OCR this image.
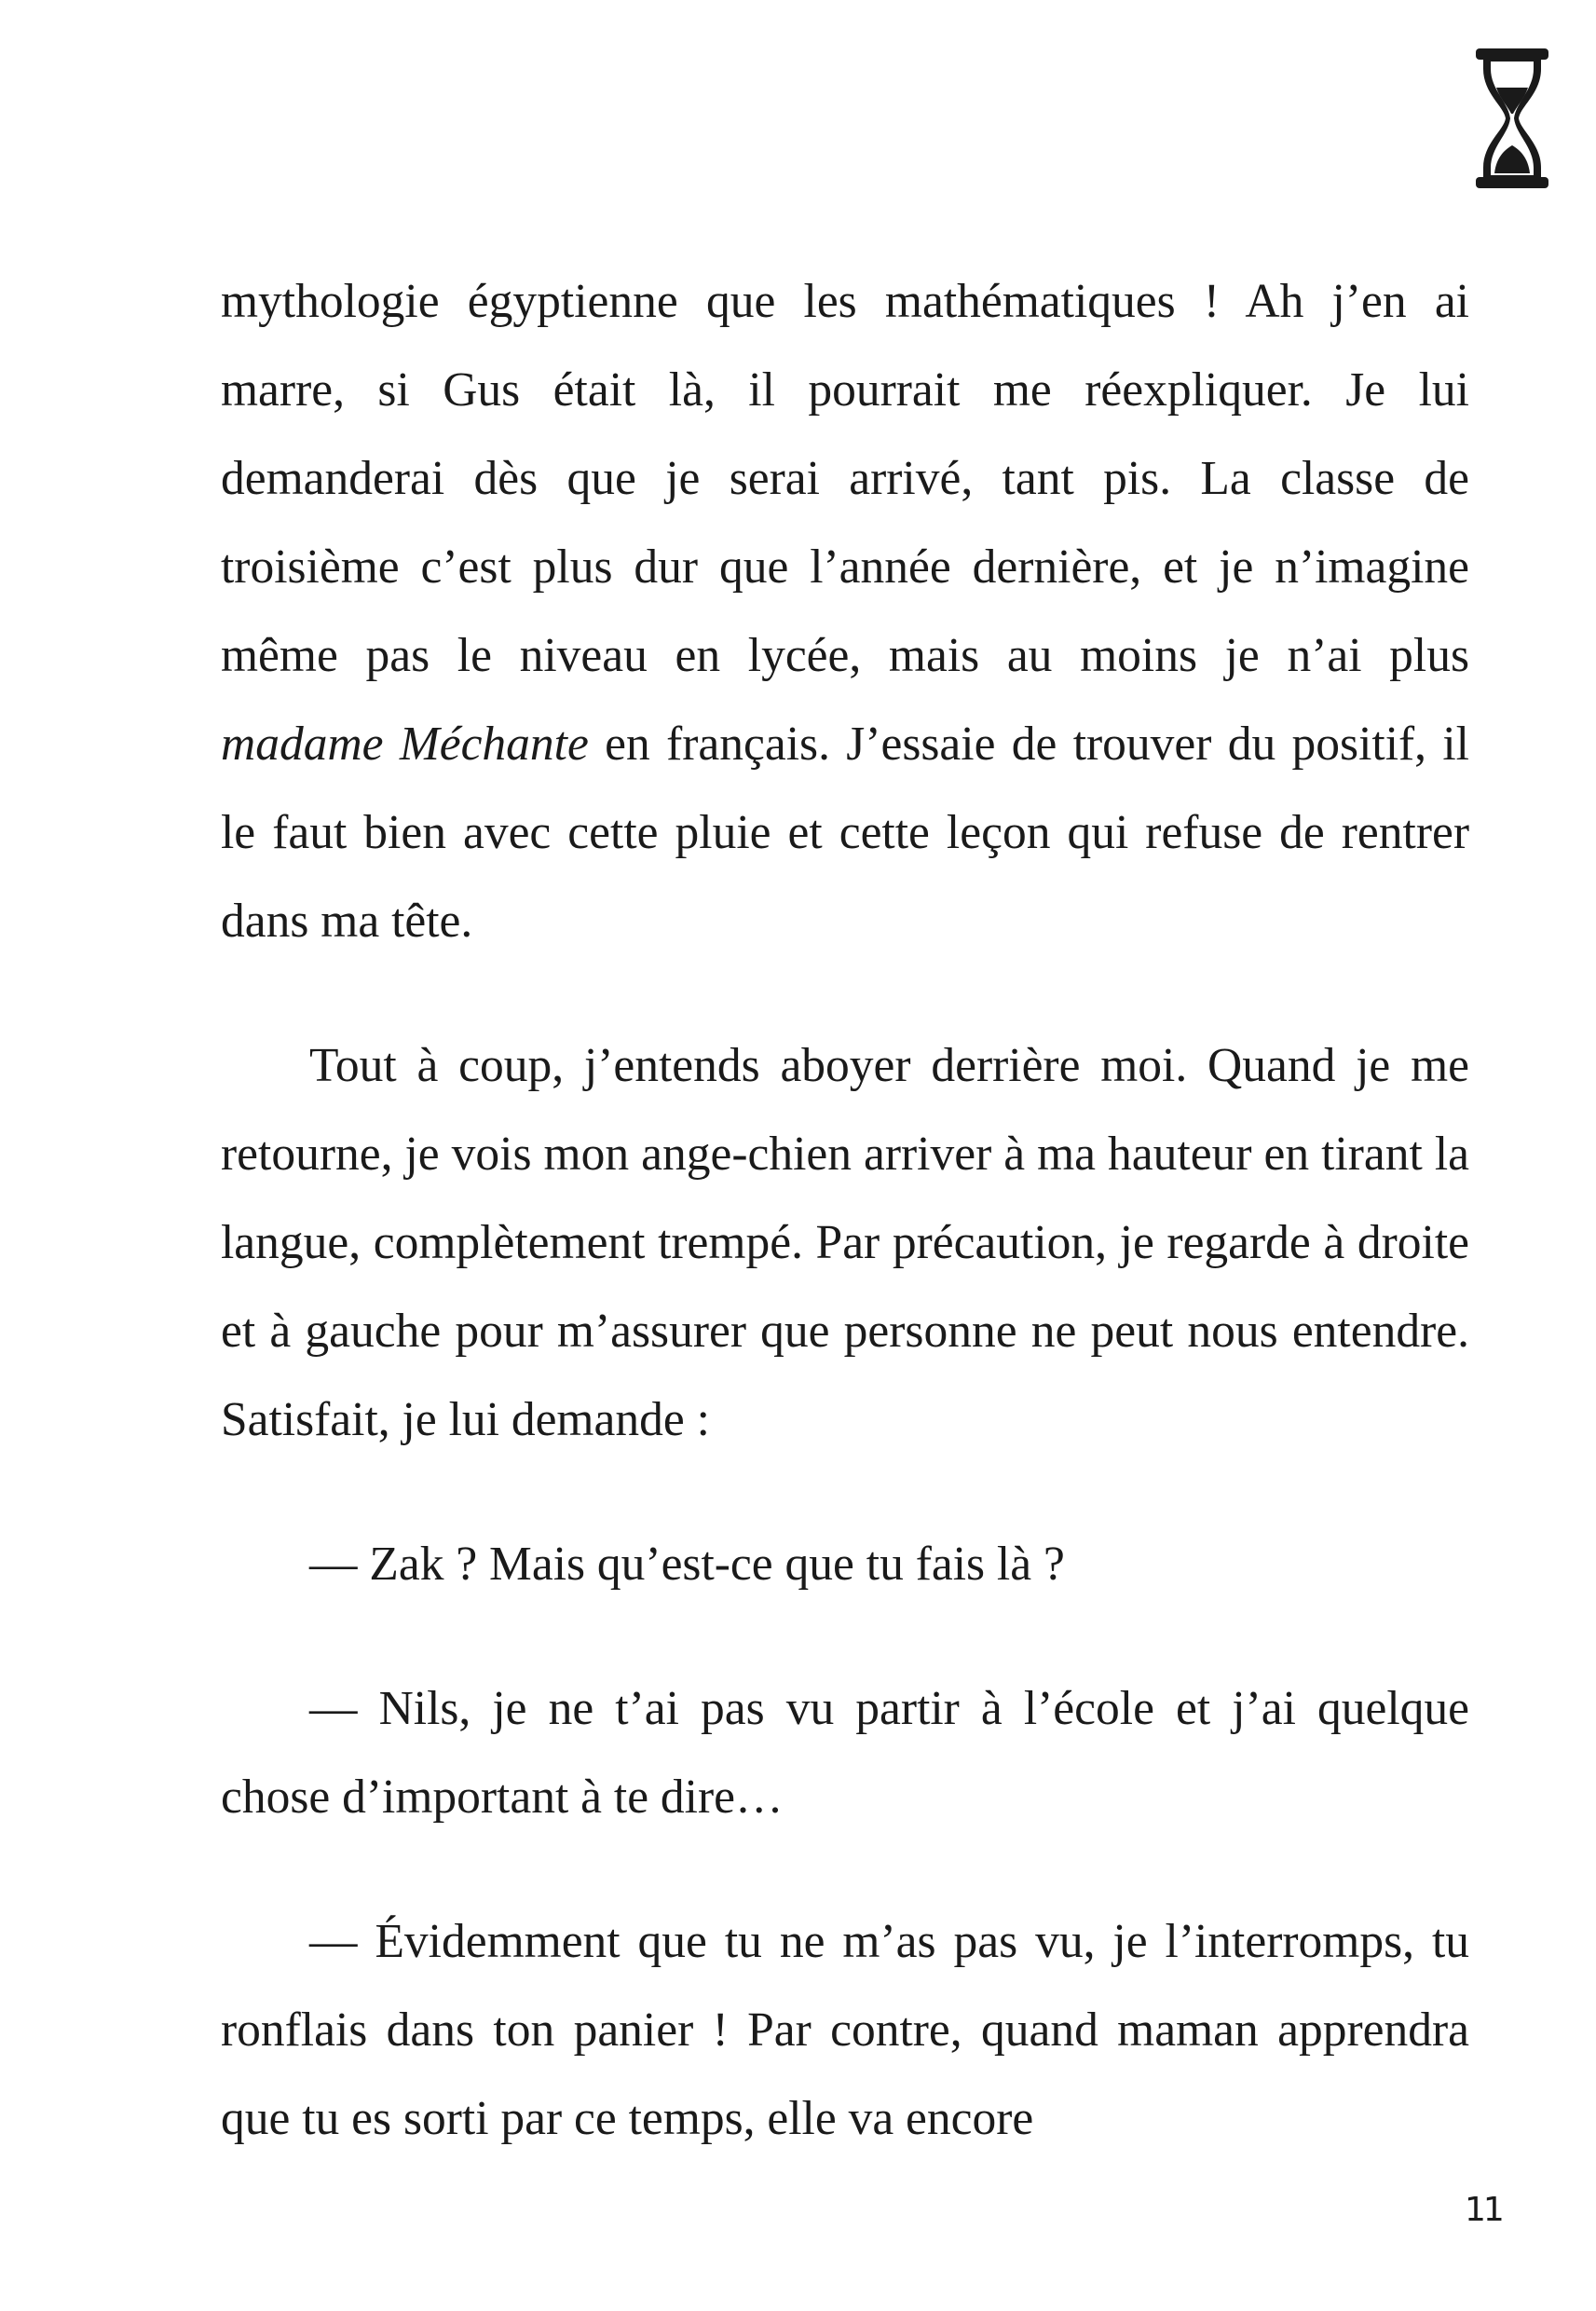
mythologie égyptienne que les mathématiques ! Ah j’en ai marre, si Gus était là, il pourrait me réexpliquer. Je lui demanderai dès que je serai arrivé, tant pis. La classe de troisième c’est plus dur que l’année dernière, et je n’imagine même pas le niveau en lycée, mais au moins je n’ai plus madame Méchante en français. J’essaie de trouver du positif, il le faut bien avec cette pluie et cette leçon qui refuse de rentrer dans ma tête.

Tout à coup, j’entends aboyer derrière moi. Quand je me retourne, je vois mon ange-chien arriver à ma hauteur en tirant la langue, complètement trempé. Par précaution, je regarde à droite et à gauche pour m’assurer que personne ne peut nous entendre. Satisfait, je lui demande :

— Zak ? Mais qu’est-ce que tu fais là ?

— Nils, je ne t’ai pas vu partir à l’école et j’ai quelque chose d’important à te dire…

— Évidemment que tu ne m’as pas vu, je l’interromps, tu ronflais dans ton panier ! Par contre, quand maman apprendra que tu es sorti par ce temps, elle va encore

11
